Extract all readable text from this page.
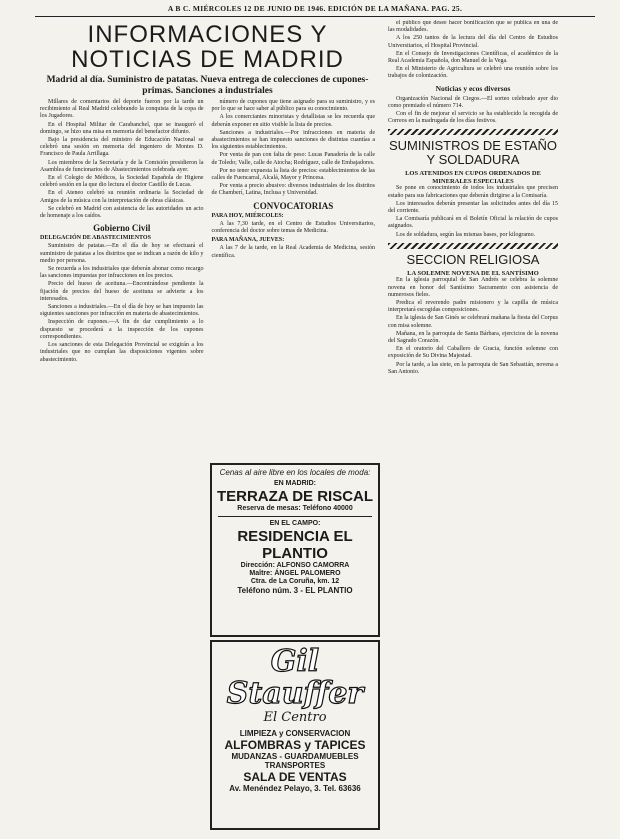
A B C. MIÉRCOLES 12 DE JUNIO DE 1946. EDICIÓN DE LA MAÑANA. PAG. 25.
INFORMACIONES Y NOTICIAS DE MADRID
Madrid al día. Suministro de patatas. Nueva entrega de colecciones de cupones-primas. Sanciones a industriales

Millares de comentarios del deporte fueron por la tarde un recibimiento al Real Madrid celebrando la conquista de la copa de los Jugadores.

En el Hospital Militar de Carabanchel, que se inauguró el domingo, se hizo una misa en memoria del benefactor difunto.

Bajo la presidencia del ministro de Educación Nacional se celebró una sesión en memoria del ingeniero de Montes D. Francisco de Paula Arrillaga.

Los miembros de la Secretaría y de la Comisión presidieron la Asamblea de funcionarios de Abastecimientos celebrada ayer.

En el Colegio de Médicos, la Sociedad Española de Higiene celebró sesión en la que dio lectura el doctor Castillo de Lucas.

En el Ateneo celebró su reunión ordinaria la Sociedad de Amigos de la música con la interpretación de obras clásicas.

Se celebró en Madrid con asistencia de las autoridades un acto de homenaje a los caídos.

Gobierno Civil
DELEGACIÓN DE ABASTECIMIENTOS

Suministro de patatas.—En el día de hoy se efectuará el suministro de patatas a los distritos que se indican a razón de kilo y medio por persona.

Se recuerda a los industriales que deberán abonar como recargo las sanciones impuestas por infracciones en los precios.

Precio del hueso de aceituna.—Encontrándose pendiente la fijación de precios del hueso de aceituna se advierte a los interesados.

Sanciones a industriales.—En el día de hoy se han impuesto las siguientes sanciones por infracción en materia de abastecimientos.

Inspección de cupones.—A fin de dar cumplimiento a lo dispuesto se procederá a la inspección de los cupones correspondientes.

Los sanciones de esta Delegación Provincial se exigirán a los industriales que no cumplan las disposiciones vigentes sobre abastecimiento.

número de cupones que tiene asignado para su suministro, y es por lo que se hace saber al público para su conocimiento.

A los comerciantes minoristas y detallistas se les recuerda que deberán exponer en sitio visible la lista de precios.

Sanciones a industriales.—Por infracciones en materia de abastecimientos se han impuesto sanciones de distintas cuantías a los siguientes establecimientos.

Por venta de pan con falta de peso: Lucas Panadería de la calle de Toledo; Valle, calle de Atocha; Rodríguez, calle de Embajadores.

Por no tener expuesta la lista de precios: establecimientos de las calles de Fuencarral, Alcalá, Mayor y Princesa.

Por venta a precio abusivo: diversos industriales de los distritos de Chamberí, Latina, Inclusa y Universidad.

CONVOCATORIAS
PARA HOY, MIÉRCOLES:

A las 7,30 tarde, en el Centro de Estudios Universitarios, conferencia del doctor sobre temas de Medicina.

PARA MAÑANA, JUEVES:

A las 7 de la tarde, en la Real Academia de Medicina, sesión científica.

Cenas al aire libre en los locales de moda:
EN MADRID:
TERRAZA DE RISCAL
Reserva de mesas: Teléfono 40000
EN EL CAMPO:
RESIDENCIA EL PLANTIO
Dirección: ALFONSO CAMORRA
Maître: ÁNGEL PALOMERO
Ctra. de La Coruña, km. 12
Teléfono núm. 3 - EL PLANTIO
Gil Stauffer
El Centro
LIMPIEZA y CONSERVACION
ALFOMBRAS y TAPICES
MUDANZAS - GUARDAMUEBLES
TRANSPORTES
SALA DE VENTAS
Av. Menéndez Pelayo, 3. Tel. 63636

el público que desee hacer bonificación que se publica en una de las modalidades.

A los 250 tantos de la lectura del día del Centro de Estudios Universitarios, el Hospital Provincial.

En el Consejo de Investigaciones Científicas, el académico de la Real Academia Española, don Manuel de la Vega.

En el Ministerio de Agricultura se celebró una reunión sobre los trabajos de colonización.

Noticias y ecos diversos

Organización Nacional de Ciegos.—El sorteo celebrado ayer dio como premiado el número 714.

Con el fin de mejorar el servicio se ha establecido la recogida de Correos en la madrugada de los días festivos.

SUMINISTROS DE ESTAÑO Y SOLDADURA
LOS ATENIDOS EN CUPOS ORDENADOS DE MINERALES ESPECIALES

Se pone en conocimiento de todos los industriales que precisen estaño para sus fabricaciones que deberán dirigirse a la Comisaría.

Los interesados deberán presentar las solicitudes antes del día 15 del corriente.

La Comisaría publicará en el Boletín Oficial la relación de cupos asignados.

Los de soldadura, según las mismas bases, por kilogramo.

SECCION RELIGIOSA
LA SOLEMNE NOVENA DE EL SANTÍSIMO

En la iglesia parroquial de San Andrés se celebra la solemne novena en honor del Santísimo Sacramento con asistencia de numerosos fieles.

Predica el reverendo padre misionero y la capilla de música interpretará escogidas composiciones.

En la iglesia de San Ginés se celebrará mañana la fiesta del Corpus con misa solemne.

Mañana, en la parroquia de Santa Bárbara, ejercicios de la novena del Sagrado Corazón.

En el oratorio del Caballero de Gracia, función solemne con exposición de Su Divina Majestad.

Por la tarde, a las siete, en la parroquia de San Sebastián, novena a San Antonio.
